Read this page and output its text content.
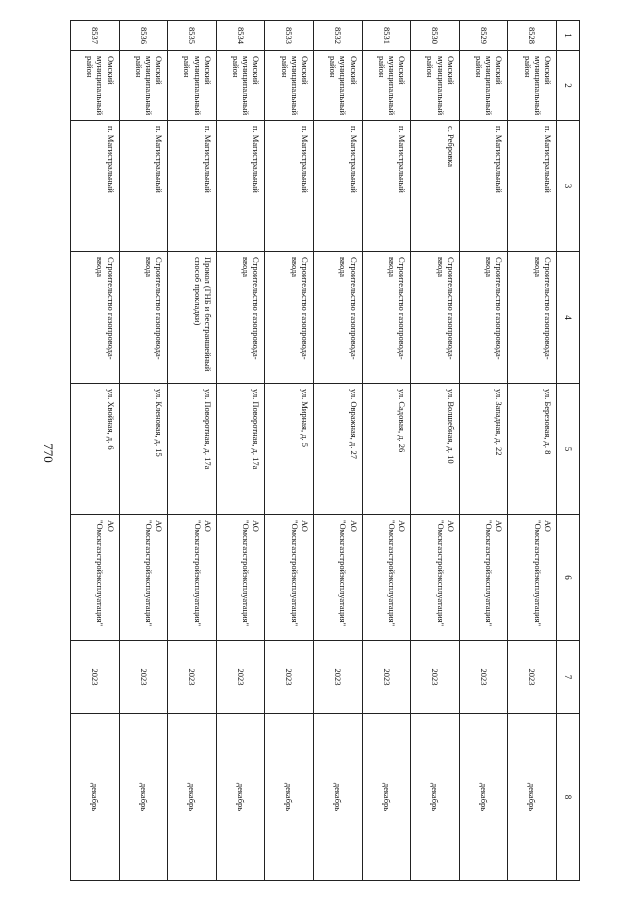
770
1	2	3	4	5	6	7	8
8528	Омский муниципальный район	п. Магистральный	Строительство газопровода-ввода	ул. Березовая, д. 8	АО "Омскгазстройэксплуатация"	2023	декабрь
8529	Омский муниципальный район	п. Магистральный	Строительство газопровода-ввода	ул. Западная, д. 22	АО "Омскгазстройэксплуатация"	2023	декабрь
8530	Омский муниципальный район	с. Ребровка	Строительство газопровода-ввода	ул. Волшебная, д. 10	АО "Омскгазстройэксплуатация"	2023	декабрь
8531	Омский муниципальный район	п. Магистральный	Строительство газопровода-ввода	ул. Садовая, д. 26	АО "Омскгазстройэксплуатация"	2023	декабрь
8532	Омский муниципальный район	п. Магистральный	Строительство газопровода-ввода	ул. Овражная, д. 27	АО "Омскгазстройэксплуатация"	2023	декабрь
8533	Омский муниципальный район	п. Магистральный	Строительство газопровода-ввода	ул. Мирная, д. 5	АО "Омскгазстройэксплуатация"	2023	декабрь
8534	Омский муниципальный район	п. Магистральный	Строительство газопровода-ввода	ул. Поворотная, д. 17а	АО "Омскгазстройэксплуатация"	2023	декабрь
8535	Омский муниципальный район	п. Магистральный	Прокол (ГНБ и бестраншейный способ прокладки)	ул. Поворотная, д. 17а	АО "Омскгазстройэксплуатация"	2023	декабрь
8536	Омский муниципальный район	п. Магистральный	Строительство газопровода-ввода	ул. Кленовая, д. 15	АО "Омскгазстройэксплуатация"	2023	декабрь
8537	Омский муниципальный район	п. Магистральный	Строительство газопровода-ввода	ул. Хвойная, д. 6	АО "Омскгазстройэксплуатация"	2023	декабрь
